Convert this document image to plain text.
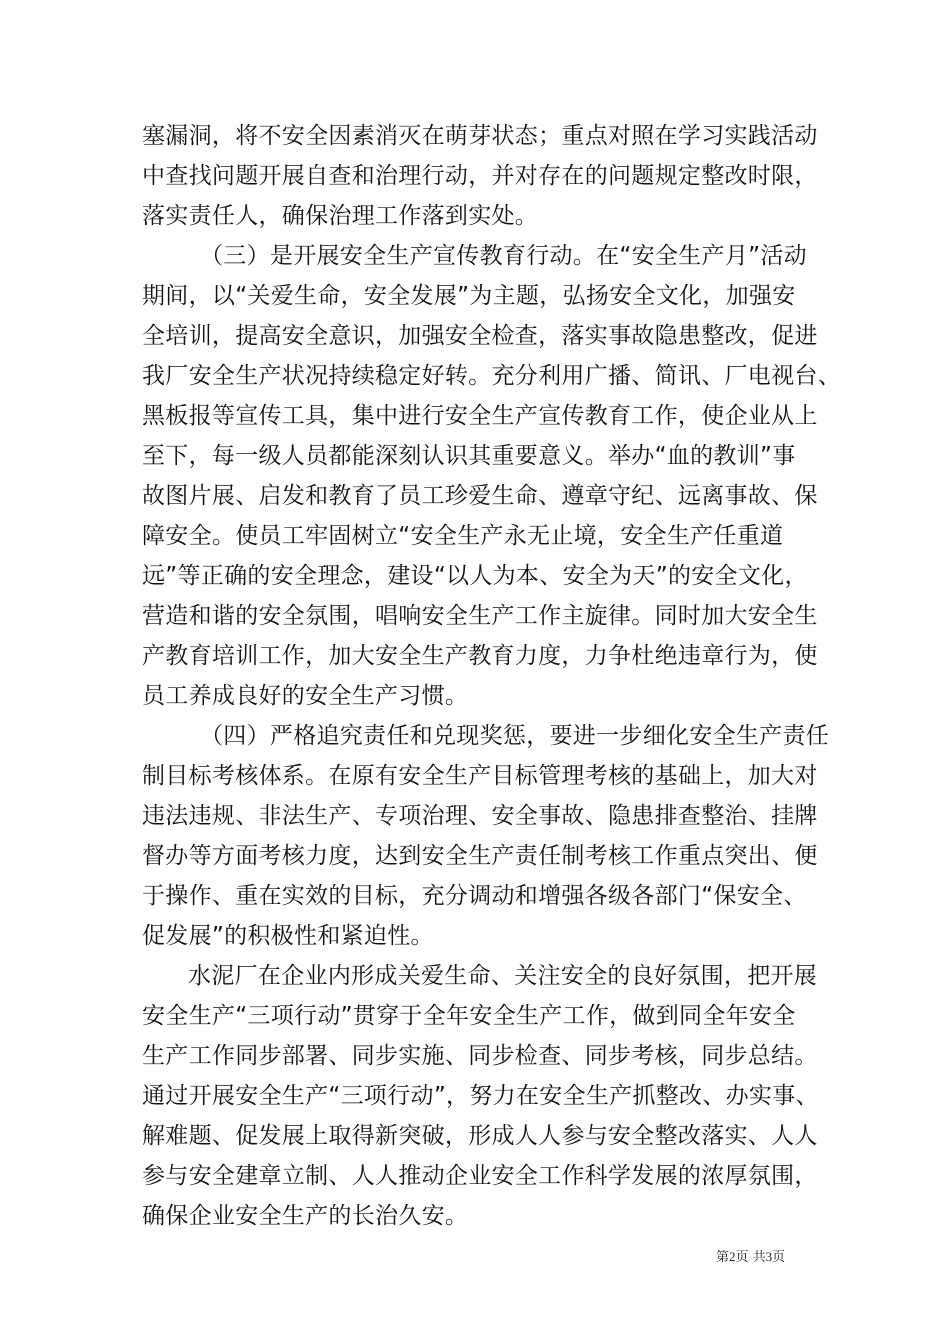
塞漏洞，将不安全因素消灭在萌芽状态；重点对照在学习实践活动
中查找问题开展自查和治理行动，并对存在的问题规定整改时限，
落实责任人，确保治理工作落到实处。
（三）是开展安全生产宣传教育行动。在“安全生产月”活动
期间，以“关爱生命，安全发展”为主题，弘扬安全文化，加强安
全培训，提高安全意识，加强安全检查，落实事故隐患整改，促进
我厂安全生产状况持续稳定好转。充分利用广播、简讯、厂电视台、
黑板报等宣传工具，集中进行安全生产宣传教育工作，使企业从上
至下，每一级人员都能深刻认识其重要意义。举办“血的教训”事
故图片展、启发和教育了员工珍爱生命、遵章守纪、远离事故、保
障安全。使员工牢固树立“安全生产永无止境，安全生产任重道
远”等正确的安全理念，建设“以人为本、安全为天”的安全文化，
营造和谐的安全氛围，唱响安全生产工作主旋律。同时加大安全生
产教育培训工作，加大安全生产教育力度，力争杜绝违章行为，使
员工养成良好的安全生产习惯。
（四）严格追究责任和兑现奖惩，要进一步细化安全生产责任
制目标考核体系。在原有安全生产目标管理考核的基础上，加大对
违法违规、非法生产、专项治理、安全事故、隐患排查整治、挂牌
督办等方面考核力度，达到安全生产责任制考核工作重点突出、便
于操作、重在实效的目标，充分调动和增强各级各部门“保安全、
促发展”的积极性和紧迫性。
水泥厂在企业内形成关爱生命、关注安全的良好氛围，把开展
安全生产“三项行动”贯穿于全年安全生产工作，做到同全年安全
生产工作同步部署、同步实施、同步检查、同步考核，同步总结。
通过开展安全生产“三项行动”，努力在安全生产抓整改、办实事、
解难题、促发展上取得新突破，形成人人参与安全整改落实、人人
参与安全建章立制、人人推动企业安全工作科学发展的浓厚氛围，
确保企业安全生产的长治久安。
第2页 共3页
